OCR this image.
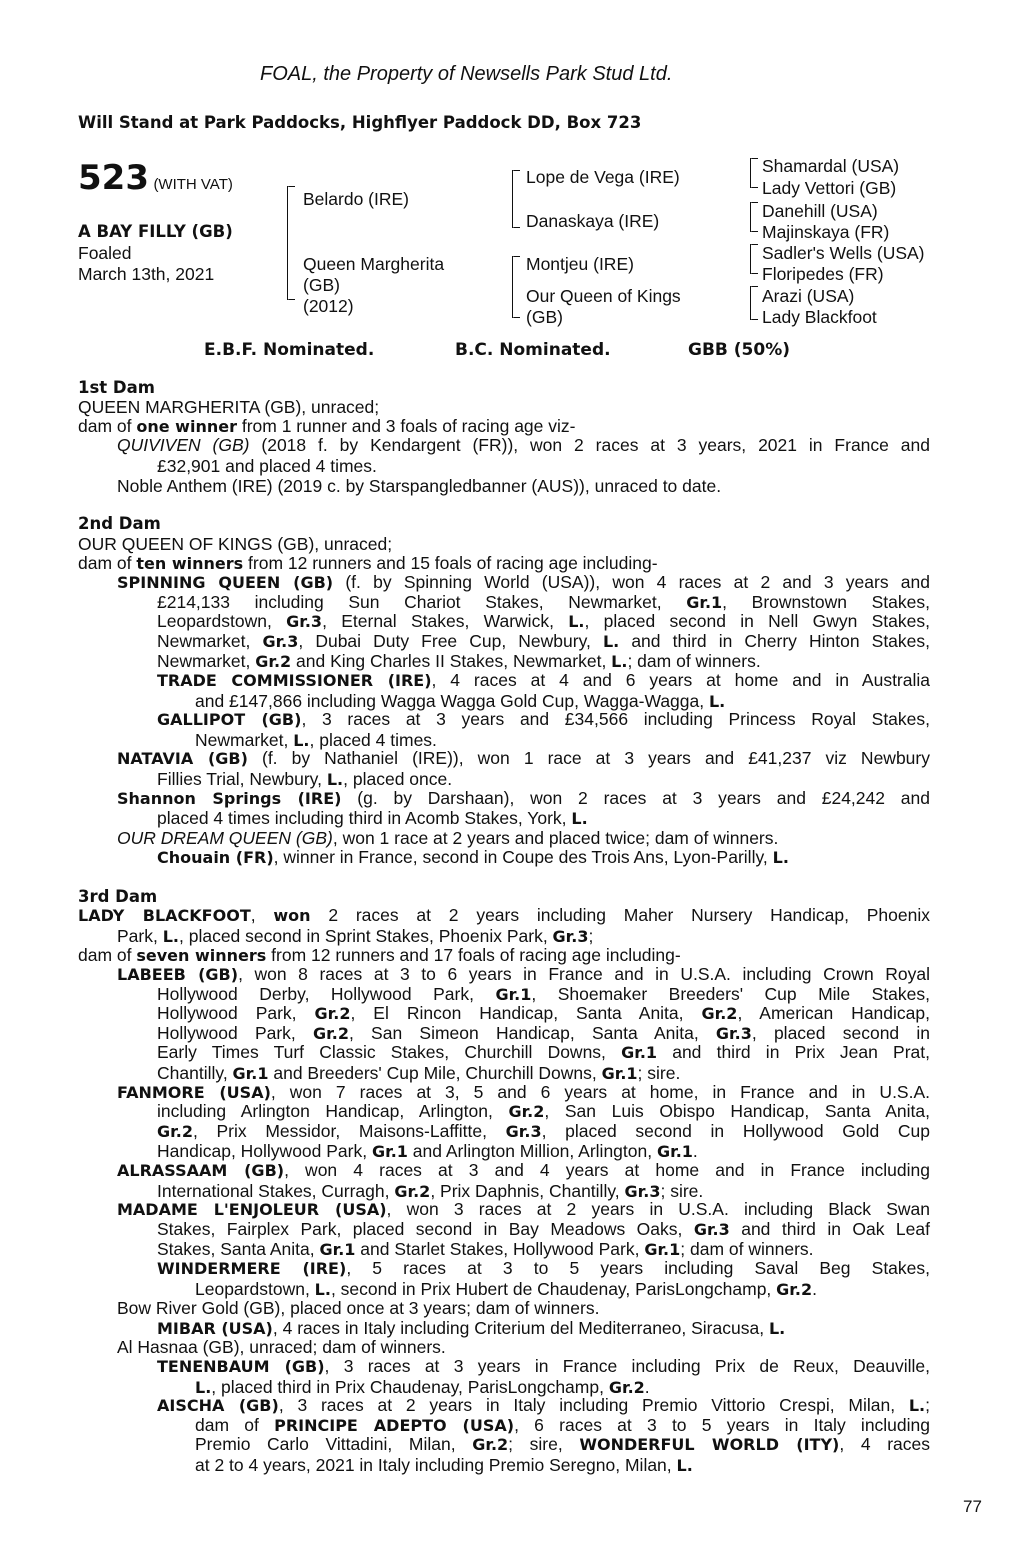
FOAL, the Property of Newsells Park Stud Ltd.
Will Stand at Park Paddocks, Highflyer Paddock DD, Box 723
523 (WITH VAT)
A BAY FILLY (GB)
Foaled
March 13th, 2021
Belardo (IRE)
Queen Margherita
(GB)
(2012)
Lope de Vega (IRE)
Danaskaya (IRE)
Montjeu (IRE)
Our Queen of Kings
(GB)
Shamardal (USA)
Lady Vettori (GB)
Danehill (USA)
Majinskaya (FR)
Sadler's Wells (USA)
Floripedes (FR)
Arazi (USA)
Lady Blackfoot
E.B.F. Nominated.	B.C. Nominated.	GBB (50%)
1st Dam
QUEEN MARGHERITA (GB), unraced;
dam of one winner from 1 runner and 3 foals of racing age viz-
QUIVIVEN (GB) (2018 f. by Kendargent (FR)), won 2 races at 3 years, 2021 in France and
£32,901 and placed 4 times.
Noble Anthem (IRE) (2019 c. by Starspangledbanner (AUS)), unraced to date.
2nd Dam
OUR QUEEN OF KINGS (GB), unraced;
dam of ten winners from 12 runners and 15 foals of racing age including-
SPINNING QUEEN (GB) (f. by Spinning World (USA)), won 4 races at 2 and 3 years and
£214,133 including Sun Chariot Stakes, Newmarket, Gr.1, Brownstown Stakes,
Leopardstown, Gr.3, Eternal Stakes, Warwick, L., placed second in Nell Gwyn Stakes,
Newmarket, Gr.3, Dubai Duty Free Cup, Newbury, L. and third in Cherry Hinton Stakes,
Newmarket, Gr.2 and King Charles II Stakes, Newmarket, L.; dam of winners.
TRADE COMMISSIONER (IRE), 4 races at 4 and 6 years at home and in Australia
and £147,866 including Wagga Wagga Gold Cup, Wagga-Wagga, L.
GALLIPOT (GB), 3 races at 3 years and £34,566 including Princess Royal Stakes,
Newmarket, L., placed 4 times.
NATAVIA (GB) (f. by Nathaniel (IRE)), won 1 race at 3 years and £41,237 viz Newbury
Fillies Trial, Newbury, L., placed once.
Shannon Springs (IRE) (g. by Darshaan), won 2 races at 3 years and £24,242 and
placed 4 times including third in Acomb Stakes, York, L.
OUR DREAM QUEEN (GB), won 1 race at 2 years and placed twice; dam of winners.
Chouain (FR), winner in France, second in Coupe des Trois Ans, Lyon-Parilly, L.
3rd Dam
LADY BLACKFOOT, won 2 races at 2 years including Maher Nursery Handicap, Phoenix
Park, L., placed second in Sprint Stakes, Phoenix Park, Gr.3;
dam of seven winners from 12 runners and 17 foals of racing age including-
LABEEB (GB), won 8 races at 3 to 6 years in France and in U.S.A. including Crown Royal
Hollywood Derby, Hollywood Park, Gr.1, Shoemaker Breeders' Cup Mile Stakes,
Hollywood Park, Gr.2, El Rincon Handicap, Santa Anita, Gr.2, American Handicap,
Hollywood Park, Gr.2, San Simeon Handicap, Santa Anita, Gr.3, placed second in
Early Times Turf Classic Stakes, Churchill Downs, Gr.1 and third in Prix Jean Prat,
Chantilly, Gr.1 and Breeders' Cup Mile, Churchill Downs, Gr.1; sire.
FANMORE (USA), won 7 races at 3, 5 and 6 years at home, in France and in U.S.A.
including Arlington Handicap, Arlington, Gr.2, San Luis Obispo Handicap, Santa Anita,
Gr.2, Prix Messidor, Maisons-Laffitte, Gr.3, placed second in Hollywood Gold Cup
Handicap, Hollywood Park, Gr.1 and Arlington Million, Arlington, Gr.1.
ALRASSAAM (GB), won 4 races at 3 and 4 years at home and in France including
International Stakes, Curragh, Gr.2, Prix Daphnis, Chantilly, Gr.3; sire.
MADAME L'ENJOLEUR (USA), won 3 races at 2 years in U.S.A. including Black Swan
Stakes, Fairplex Park, placed second in Bay Meadows Oaks, Gr.3 and third in Oak Leaf
Stakes, Santa Anita, Gr.1 and Starlet Stakes, Hollywood Park, Gr.1; dam of winners.
WINDERMERE (IRE), 5 races at 3 to 5 years including Saval Beg Stakes,
Leopardstown, L., second in Prix Hubert de Chaudenay, ParisLongchamp, Gr.2.
Bow River Gold (GB), placed once at 3 years; dam of winners.
MIBAR (USA), 4 races in Italy including Criterium del Mediterraneo, Siracusa, L.
Al Hasnaa (GB), unraced; dam of winners.
TENENBAUM (GB), 3 races at 3 years in France including Prix de Reux, Deauville,
L., placed third in Prix Chaudenay, ParisLongchamp, Gr.2.
AISCHA (GB), 3 races at 2 years in Italy including Premio Vittorio Crespi, Milan, L.;
dam of PRINCIPE ADEPTO (USA), 6 races at 3 to 5 years in Italy including
Premio Carlo Vittadini, Milan, Gr.2; sire, WONDERFUL WORLD (ITY), 4 races
at 2 to 4 years, 2021 in Italy including Premio Seregno, Milan, L.
77
